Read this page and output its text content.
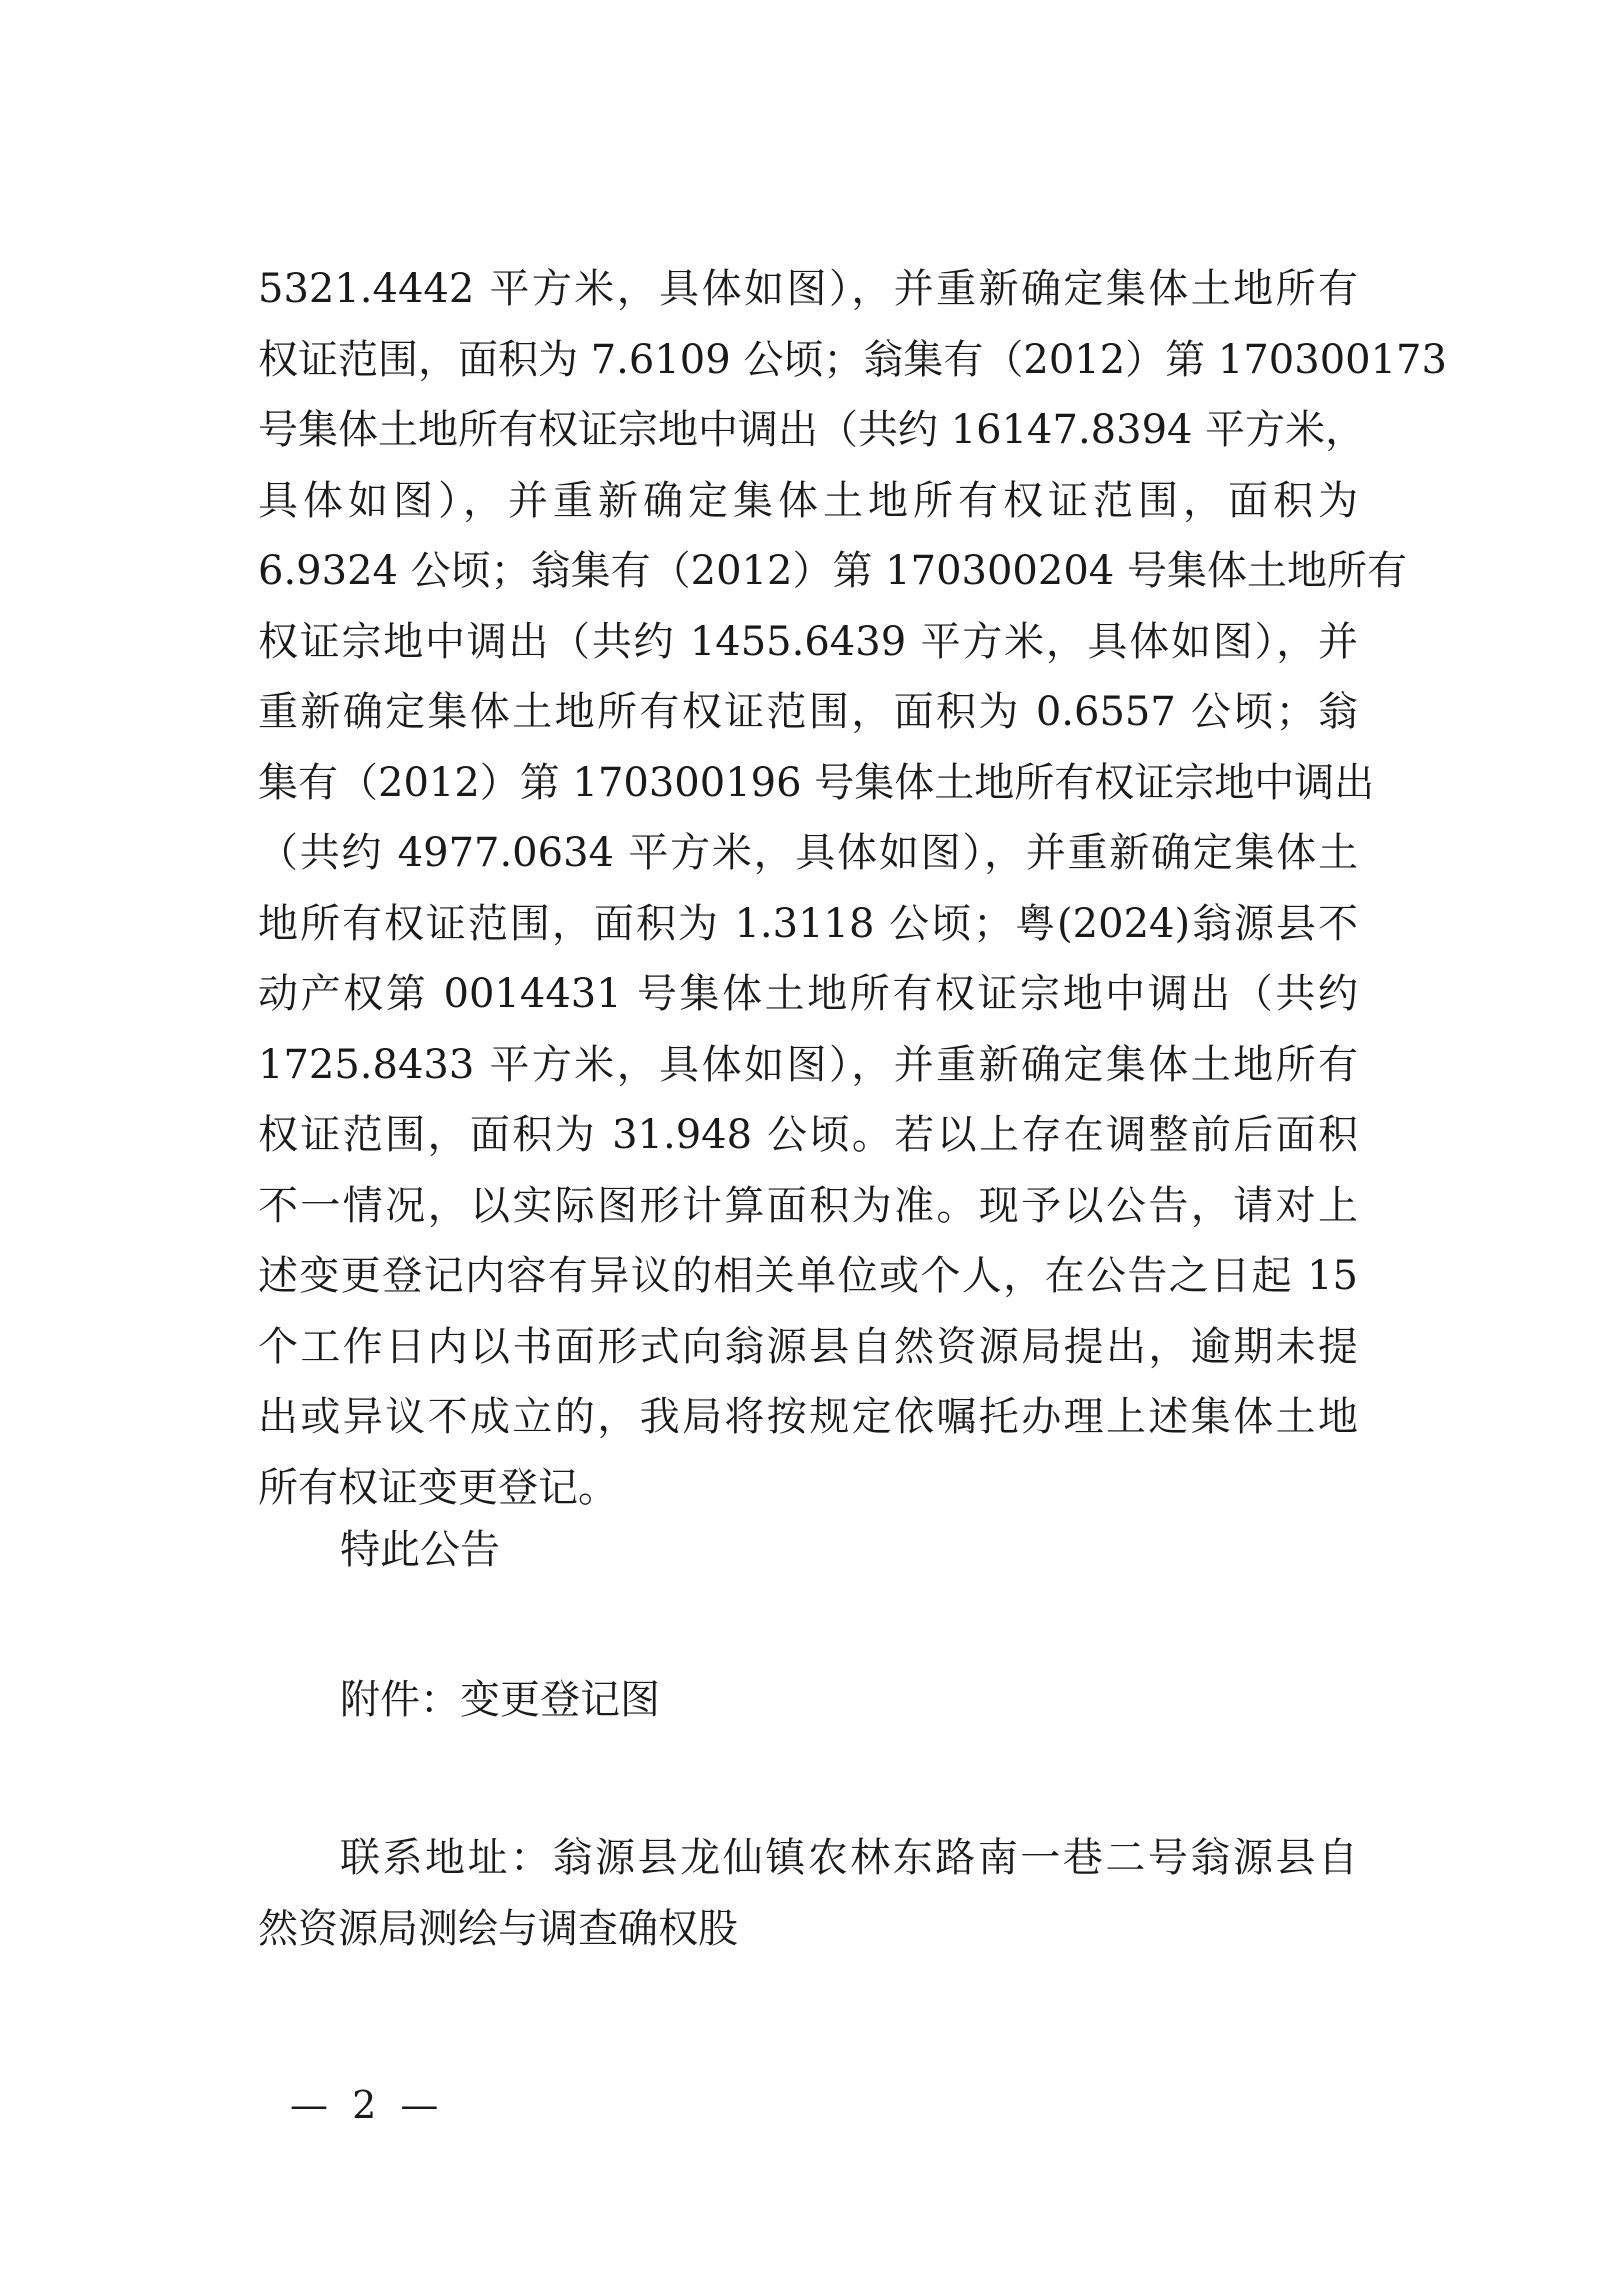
5321.4442 平方米，具体如图），并重新确定集体土地所有
权证范围，面积为 7.6109 公顷；翁集有（2012）第 170300173
号集体土地所有权证宗地中调出（共约 16147.8394 平方米，
具体如图），并重新确定集体土地所有权证范围，面积为
6.9324 公顷；翁集有（2012）第 170300204 号集体土地所有
权证宗地中调出（共约 1455.6439 平方米，具体如图），并
重新确定集体土地所有权证范围，面积为 0.6557 公顷；翁
集有（2012）第 170300196 号集体土地所有权证宗地中调出
（共约 4977.0634 平方米，具体如图），并重新确定集体土
地所有权证范围，面积为 1.3118 公顷；粤(2024)翁源县不
动产权第 0014431 号集体土地所有权证宗地中调出（共约
1725.8433 平方米，具体如图），并重新确定集体土地所有
权证范围，面积为 31.948 公顷。若以上存在调整前后面积
不一情况，以实际图形计算面积为准。现予以公告，请对上
述变更登记内容有异议的相关单位或个人，在公告之日起 15
个工作日内以书面形式向翁源县自然资源局提出，逾期未提
出或异议不成立的，我局将按规定依嘱托办理上述集体土地
所有权证变更登记。
特此公告
附件：变更登记图
联系地址：翁源县龙仙镇农林东路南一巷二号翁源县自
然资源局测绘与调查确权股
— 2 —
